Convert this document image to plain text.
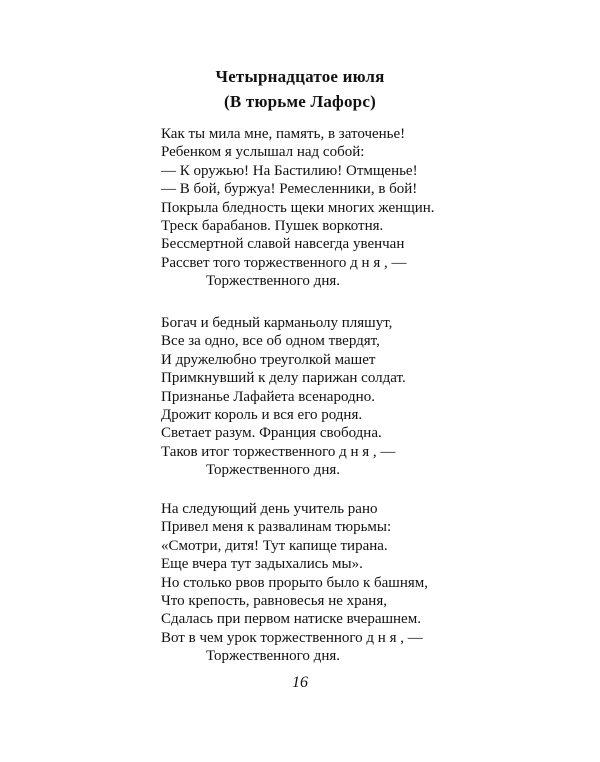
Четырнадцатое июля
(В тюрьме Лафорс)

Как ты мила мне, память, в заточенье!

Ребенком я услышал над собой:

— К оружью! На Бастилию! Отмщенье!

— В бой, буржуа! Ремесленники, в бой!

Покрыла бледность щеки многих женщин.

Треск барабанов. Пушек воркотня.

Бессмертной славой навсегда увенчан

Рассвет того торжественного д н я , —

Торжественного дня.

Богач и бедный карманьолу пляшут,

Все за одно, все об одном твердят,

И дружелюбно треуголкой машет

Примкнувший к делу парижан солдат.

Признанье Лафайета всенародно.

Дрожит король и вся его родня.

Светает разум. Франция свободна.

Таков итог торжественного д н я , —

Торжественного дня.

На следующий день учитель рано

Привел меня к развалинам тюрьмы:

«Смотри, дитя! Тут капище тирана.

Еще вчера тут задыхались мы».

Но столько рвов прорыто было к башням,

Что крепость, равновесья не храня,

Сдалась при первом натиске вчерашнем.

Вот в чем урок торжественного д н я , —

Торжественного дня.

16
